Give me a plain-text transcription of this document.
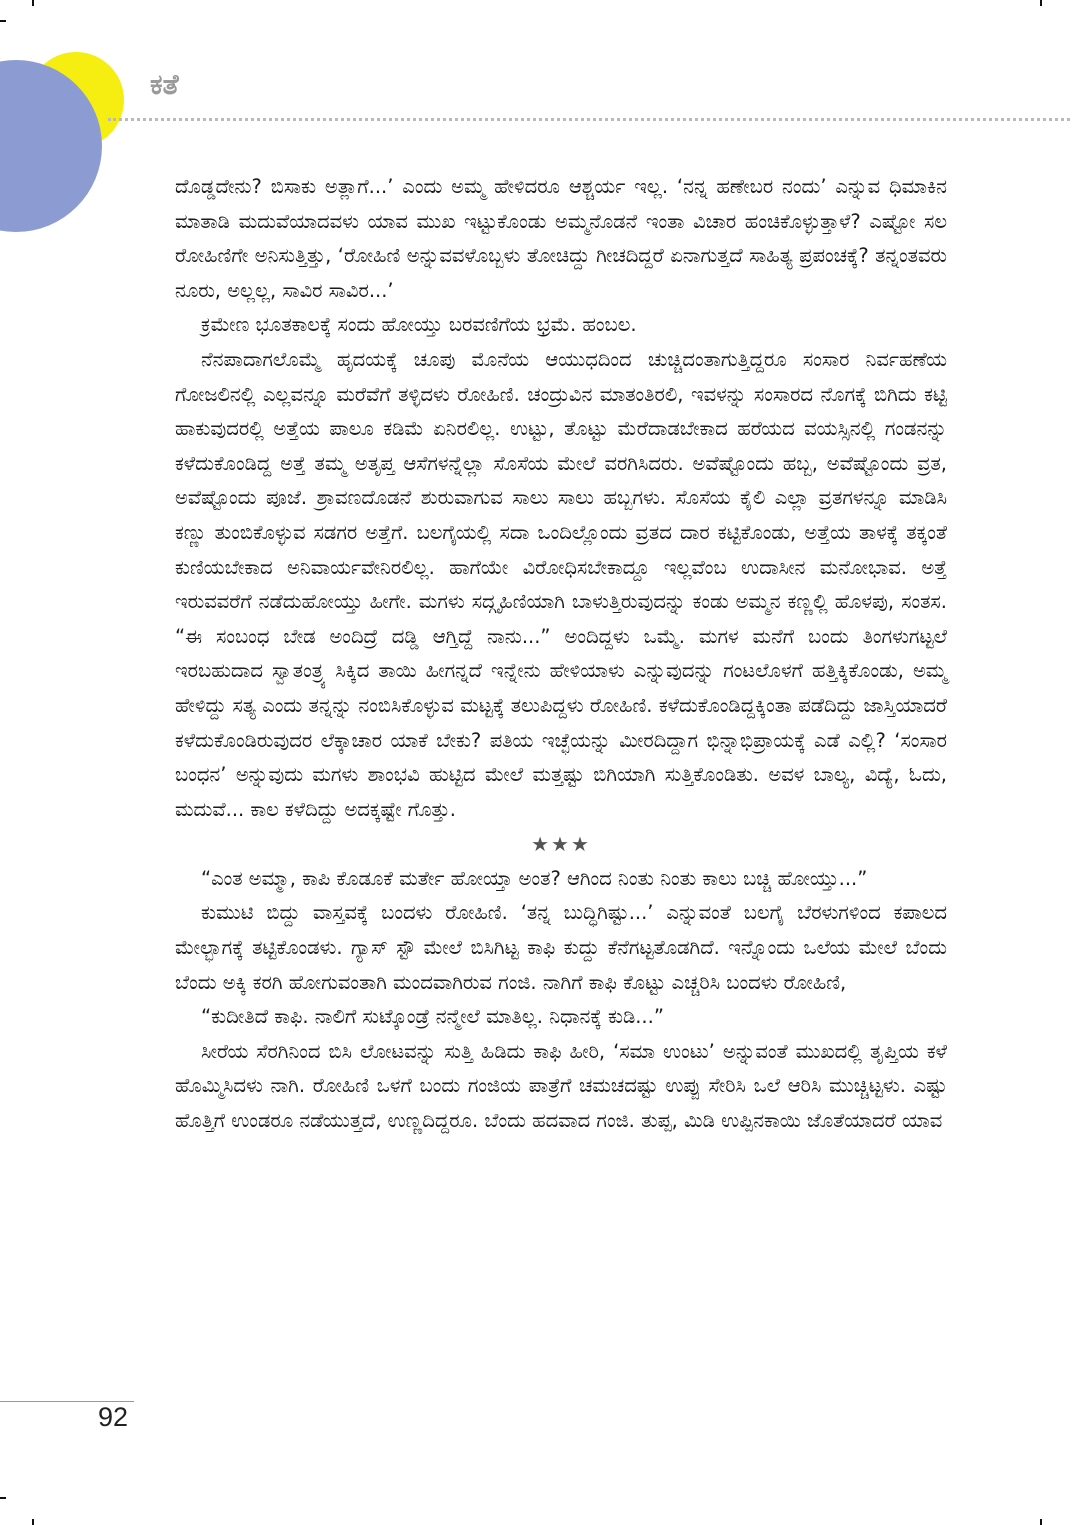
ಕತೆ

ದೊಡ್ಡದೇನು? ಬಿಸಾಕು ಅತ್ಲಾಗೆ...’ ಎಂದು ಅಮ್ಮ ಹೇಳಿದರೂ ಆಶ್ಚರ್ಯ ಇಲ್ಲ. ‘ನನ್ನ ಹಣೇಬರ ನಂದು’ ಎನ್ನುವ ಧಿಮಾಕಿನ ಮಾತಾಡಿ ಮದುವೆಯಾದವಳು ಯಾವ ಮುಖ ಇಟ್ಟುಕೊಂಡು ಅಮ್ಮನೊಡನೆ ಇಂತಾ ವಿಚಾರ ಹಂಚಿಕೊಳ್ಳುತ್ತಾಳೆ? ಎಷ್ಟೋ ಸಲ ರೋಹಿಣಿಗೇ ಅನಿಸುತ್ತಿತ್ತು, ‘ರೋಹಿಣಿ ಅನ್ನುವವಳೊಬ್ಬಳು ತೋಚಿದ್ದು ಗೀಚದಿದ್ದರೆ ಏನಾಗುತ್ತದೆ ಸಾಹಿತ್ಯ ಪ್ರಪಂಚಕ್ಕೆ? ತನ್ನಂತವರು ನೂರು, ಅಲ್ಲಲ್ಲ, ಸಾವಿರ ಸಾವಿರ...’

ಕ್ರಮೇಣ ಭೂತಕಾಲಕ್ಕೆ ಸಂದು ಹೋಯ್ತು ಬರವಣಿಗೆಯ ಭ್ರಮೆ. ಹಂಬಲ.

ನೆನಪಾದಾಗಲೊಮ್ಮೆ ಹೃದಯಕ್ಕೆ ಚೂಪು ಮೊನೆಯ ಆಯುಧದಿಂದ ಚುಚ್ಚಿದಂತಾಗುತ್ತಿದ್ದರೂ ಸಂಸಾರ ನಿರ್ವಹಣೆಯ ಗೋಜಲಿನಲ್ಲಿ ಎಲ್ಲವನ್ನೂ ಮರೆವೆಗೆ ತಳ್ಳಿದಳು ರೋಹಿಣಿ. ಚಂದ್ರುವಿನ ಮಾತಂತಿರಲಿ, ಇವಳನ್ನು ಸಂಸಾರದ ನೊಗಕ್ಕೆ ಬಿಗಿದು ಕಟ್ಟಿ ಹಾಕುವುದರಲ್ಲಿ ಅತ್ತೆಯ ಪಾಲೂ ಕಡಿಮೆ ಏನಿರಲಿಲ್ಲ. ಉಟ್ಟು, ತೊಟ್ಟು ಮೆರೆದಾಡಬೇಕಾದ ಹರೆಯದ ವಯಸ್ಸಿನಲ್ಲಿ ಗಂಡನನ್ನು ಕಳೆದುಕೊಂಡಿದ್ದ ಅತ್ತೆ ತಮ್ಮ ಅತೃಪ್ತ ಆಸೆಗಳನ್ನೆಲ್ಲಾ ಸೊಸೆಯ ಮೇಲೆ ವರಗಿಸಿದರು. ಅವೆಷ್ಟೊಂದು ಹಬ್ಬ, ಅವೆಷ್ಟೊಂದು ವ್ರತ, ಅವೆಷ್ಟೊಂದು ಪೂಜೆ. ಶ್ರಾವಣದೊಡನೆ ಶುರುವಾಗುವ ಸಾಲು ಸಾಲು ಹಬ್ಬಗಳು. ಸೊಸೆಯ ಕೈಲಿ ಎಲ್ಲಾ ವ್ರತಗಳನ್ನೂ ಮಾಡಿಸಿ ಕಣ್ಣು ತುಂಬಿಕೊಳ್ಳುವ ಸಡಗರ ಅತ್ತೆಗೆ. ಬಲಗೈಯಲ್ಲಿ ಸದಾ ಒಂದಿಲ್ಲೊಂದು ವ್ರತದ ದಾರ ಕಟ್ಟಿಕೊಂಡು, ಅತ್ತೆಯ ತಾಳಕ್ಕೆ ತಕ್ಕಂತೆ ಕುಣಿಯಬೇಕಾದ ಅನಿವಾರ್ಯವೇನಿರಲಿಲ್ಲ. ಹಾಗೆಯೇ ವಿರೋಧಿಸಬೇಕಾದ್ದೂ ಇಲ್ಲವೆಂಬ ಉದಾಸೀನ ಮನೋಭಾವ. ಅತ್ತೆ ಇರುವವರೆಗೆ ನಡೆದುಹೋಯ್ತು ಹೀಗೇ. ಮಗಳು ಸದ್ಗೃಹಿಣಿಯಾಗಿ ಬಾಳುತ್ತಿರುವುದನ್ನು ಕಂಡು ಅಮ್ಮನ ಕಣ್ಣಲ್ಲಿ ಹೊಳಪು, ಸಂತಸ. “ಈ ಸಂಬಂಧ ಬೇಡ ಅಂದಿದ್ರೆ ದಡ್ಡಿ ಆಗ್ತಿದ್ದೆ ನಾನು...” ಅಂದಿದ್ದಳು ಒಮ್ಮೆ. ಮಗಳ ಮನೆಗೆ ಬಂದು ತಿಂಗಳುಗಟ್ಟಲೆ ಇರಬಹುದಾದ ಸ್ವಾತಂತ್ರ್ಯ ಸಿಕ್ಕಿದ ತಾಯಿ ಹೀಗನ್ನದೆ ಇನ್ನೇನು ಹೇಳಿಯಾಳು ಎನ್ನುವುದನ್ನು ಗಂಟಲೊಳಗೆ ಹತ್ತಿಕ್ಕಿಕೊಂಡು, ಅಮ್ಮ ಹೇಳಿದ್ದು ಸತ್ಯ ಎಂದು ತನ್ನನ್ನು ನಂಬಿಸಿಕೊಳ್ಳುವ ಮಟ್ಟಕ್ಕೆ ತಲುಪಿದ್ದಳು ರೋಹಿಣಿ. ಕಳೆದುಕೊಂಡಿದ್ದಕ್ಕಿಂತಾ ಪಡೆದಿದ್ದು ಜಾಸ್ತಿಯಾದರೆ ಕಳೆದುಕೊಂಡಿರುವುದರ ಲೆಕ್ಕಾಚಾರ ಯಾಕೆ ಬೇಕು? ಪತಿಯ ಇಚ್ಛೆಯನ್ನು ಮೀರದಿದ್ದಾಗ ಭಿನ್ನಾಭಿಪ್ರಾಯಕ್ಕೆ ಎಡೆ ಎಲ್ಲಿ? ‘ಸಂಸಾರ ಬಂಧನ’ ಅನ್ನುವುದು ಮಗಳು ಶಾಂಭವಿ ಹುಟ್ಟಿದ ಮೇಲೆ ಮತ್ತಷ್ಟು ಬಿಗಿಯಾಗಿ ಸುತ್ತಿಕೊಂಡಿತು. ಅವಳ ಬಾಲ್ಯ, ವಿದ್ಯೆ, ಓದು, ಮದುವೆ... ಕಾಲ ಕಳೆದಿದ್ದು ಅದಕ್ಕಷ್ಟೇ ಗೊತ್ತು.

★★★

“ಎಂತ ಅಮ್ಮಾ, ಕಾಪಿ ಕೊಡೂಕೆ ಮರ್ತೇ ಹೋಯ್ತಾ ಅಂತ? ಆಗಿಂದ ನಿಂತು ನಿಂತು ಕಾಲು ಬಚ್ಚಿ ಹೋಯ್ತು...”

ಕುಮುಟಿ ಬಿದ್ದು ವಾಸ್ತವಕ್ಕೆ ಬಂದಳು ರೋಹಿಣಿ. ‘ತನ್ನ ಬುದ್ಧಿಗಿಷ್ಟು...’ ಎನ್ನುವಂತೆ ಬಲಗೈ ಬೆರಳುಗಳಿಂದ ಕಪಾಲದ ಮೇಲ್ಭಾಗಕ್ಕೆ ತಟ್ಟಿಕೊಂಡಳು. ಗ್ಯಾಸ್ ಸ್ಟೌ ಮೇಲೆ ಬಿಸಿಗಿಟ್ಟ ಕಾಫಿ ಕುದ್ದು ಕೆನೆಗಟ್ಟತೊಡಗಿದೆ. ಇನ್ನೊಂದು ಒಲೆಯ ಮೇಲೆ ಬೆಂದು ಬೆಂದು ಅಕ್ಕಿ ಕರಗಿ ಹೋಗುವಂತಾಗಿ ಮಂದವಾಗಿರುವ ಗಂಜಿ. ನಾಗಿಗೆ ಕಾಫಿ ಕೊಟ್ಟು ಎಚ್ಚರಿಸಿ ಬಂದಳು ರೋಹಿಣಿ,

“ಕುದೀತಿದೆ ಕಾಫಿ. ನಾಲಿಗೆ ಸುಟ್ಕೊಂಡ್ರೆ ನನ್ಮೇಲೆ ಮಾತಿಲ್ಲ. ನಿಧಾನಕ್ಕೆ ಕುಡಿ...”

ಸೀರೆಯ ಸೆರಗಿನಿಂದ ಬಿಸಿ ಲೋಟವನ್ನು ಸುತ್ತಿ ಹಿಡಿದು ಕಾಫಿ ಹೀರಿ, ‘ಸಮಾ ಉಂಟು’ ಅನ್ನುವಂತೆ ಮುಖದಲ್ಲಿ ತೃಪ್ತಿಯ ಕಳೆ ಹೊಮ್ಮಿಸಿದಳು ನಾಗಿ. ರೋಹಿಣಿ ಒಳಗೆ ಬಂದು ಗಂಜಿಯ ಪಾತ್ರೆಗೆ ಚಮಚದಷ್ಟು ಉಪ್ಪು ಸೇರಿಸಿ ಒಲೆ ಆರಿಸಿ ಮುಚ್ಚಿಟ್ಟಳು. ಎಷ್ಟು ಹೊತ್ತಿಗೆ ಉಂಡರೂ ನಡೆಯುತ್ತದೆ, ಉಣ್ಣದಿದ್ದರೂ. ಬೆಂದು ಹದವಾದ ಗಂಜಿ. ತುಪ್ಪ, ಮಿಡಿ ಉಪ್ಪಿನಕಾಯಿ ಜೊತೆಯಾದರೆ ಯಾವ

92
